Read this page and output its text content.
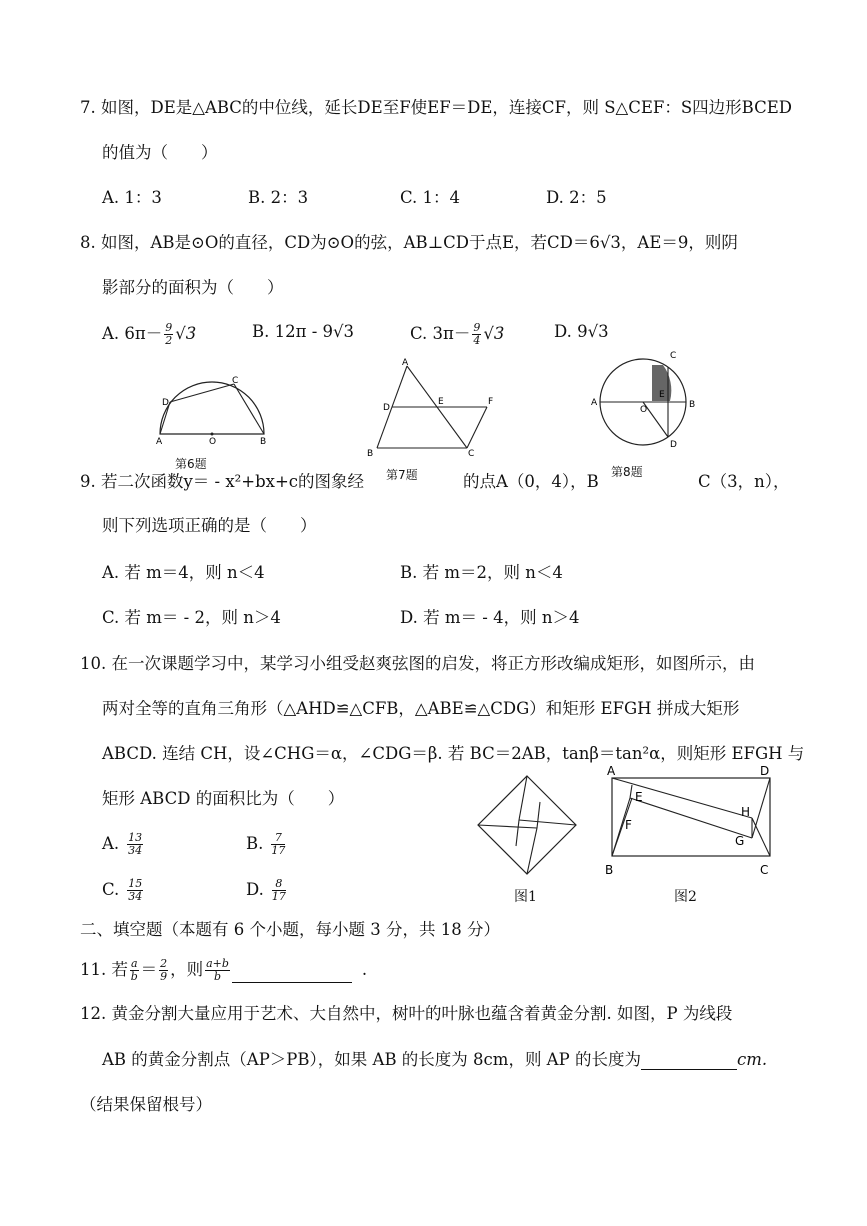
7. 如图，DE是△ABC的中位线，延长DE至F使EF＝DE，连接CF，则 S△CEF：S四边形BCED
的值为（　　）
A. 1：3	B. 2：3	C. 1：4	D. 2：5
8. 如图，AB是⊙O的直径，CD为⊙O的弦，AB⊥CD于点E，若CD＝6√3，AE＝9，则阴
影部分的面积为（　　）
A. $6\pi- \frac{9}{2} √3$	B. 12π - 9√3	C. $3\pi- \frac{9}{4} √3$	D. 9√3
A	B
C
D
O
第6题
A
B	C
D
E	F
第7题
C
A	B
E
O
D
第8题
9. 若二次函数y＝ - x²+bx+c的图象经	的点A（0，4），B	C（3，n），
则下列选项正确的是（　　）
A. 若 m＝4，则 n＜4	B. 若 m＝2，则 n＜4
C. 若 m＝ - 2，则 n＞4	D. 若 m＝ - 4，则 n＞4
10. 在一次课题学习中，某学习小组受赵爽弦图的启发，将正方形改编成矩形，如图所示，由
两对全等的直角三角形（△AHD≌△CFB，△ABE≌△CDG）和矩形 EFGH 拼成大矩形
ABCD. 连结 CH，设∠CHG＝α，∠CDG＝β. 若 BC＝2AB，tanβ＝tan²α，则矩形 EFGH 与
矩形 ABCD 的面积比为（　　）
A. $\frac{13}{34}$	B. $\frac{7}{17}$
C. $\frac{15}{34}$	D. $\frac{8}{17}$	图1
A	D
B	C
E
F
H
G
图2
二、填空题（本题有 6 个小题，每小题 3 分，共 18 分）
11. 若 $\frac{a}{b} = \frac{2}{9}$ ，则 $\frac{a+b}{b}$	.
12. 黄金分割大量应用于艺术、大自然中，树叶的叶脉也蕴含着黄金分割. 如图，P 为线段
AB 的黄金分割点（AP＞PB），如果 AB 的长度为 8cm，则 AP 的长度为	cm.
（结果保留根号）
